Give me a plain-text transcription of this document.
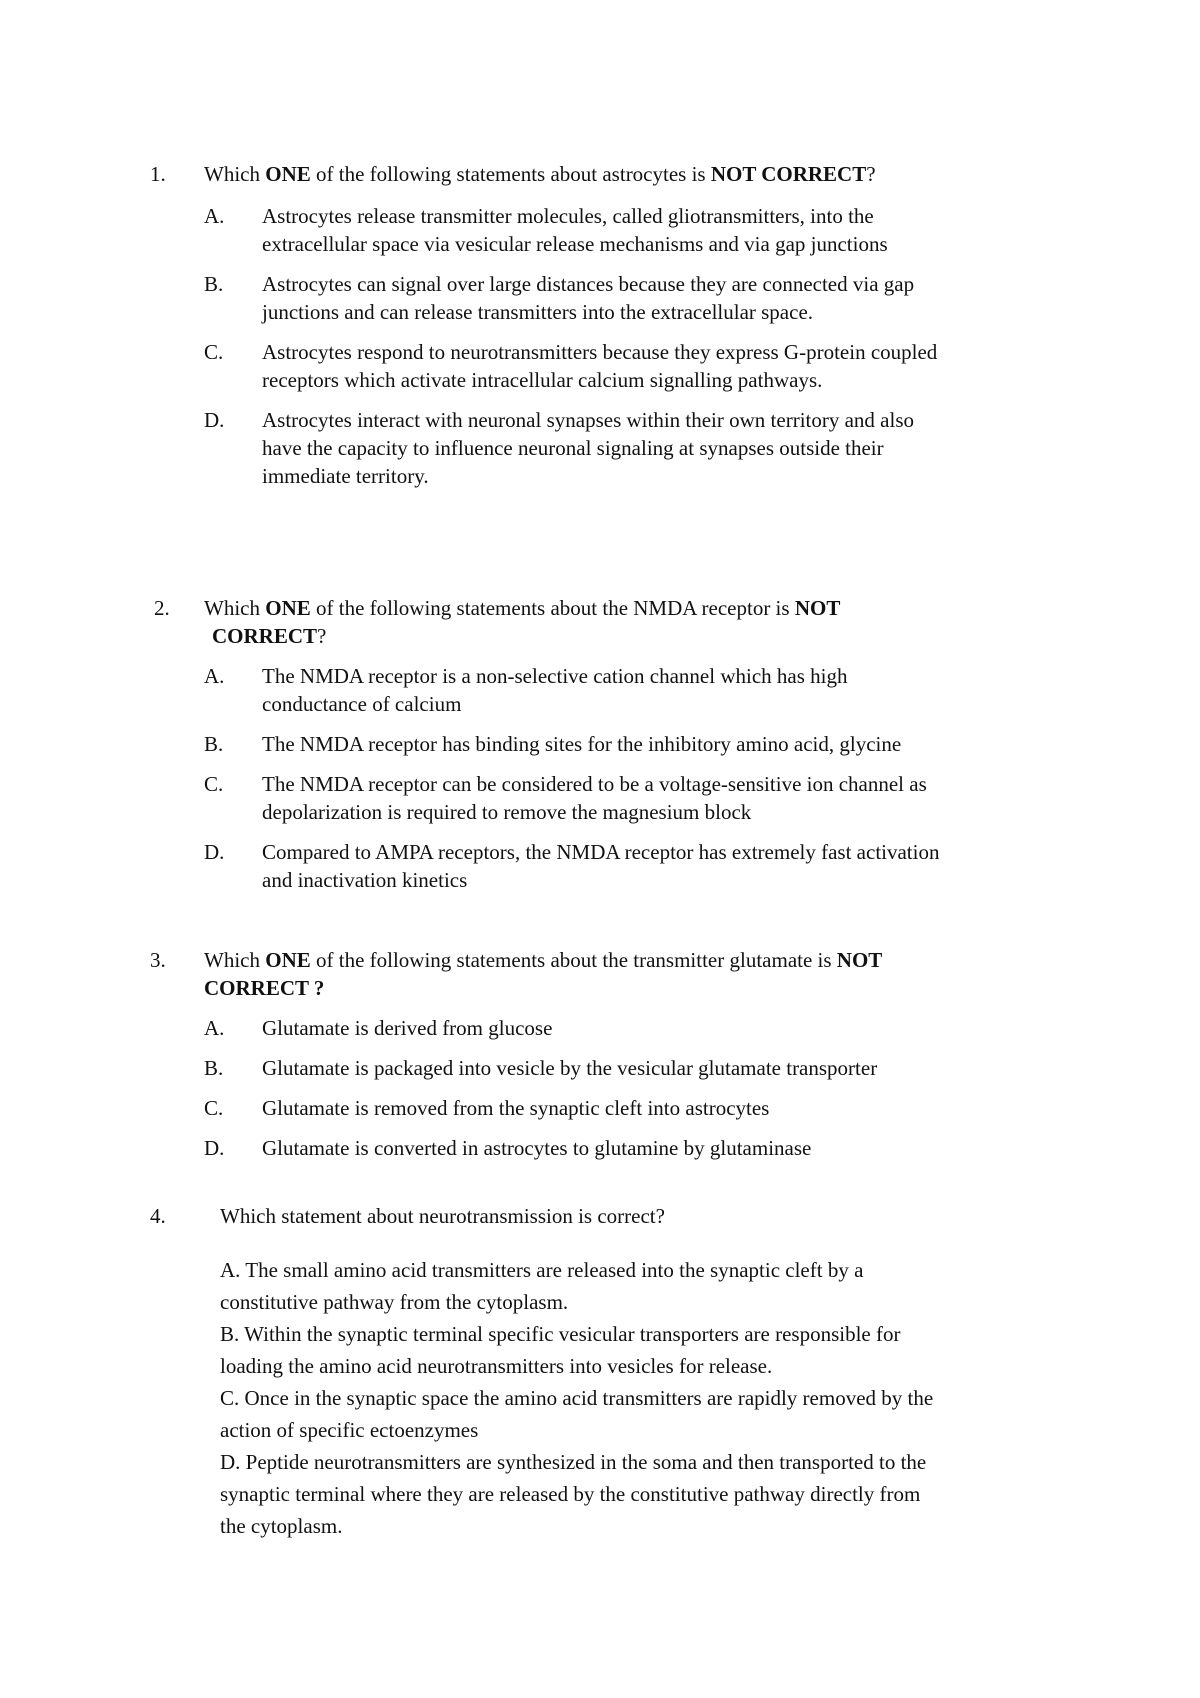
1. Which ONE of the following statements about astrocytes is NOT CORRECT?
A. Astrocytes release transmitter molecules, called gliotransmitters, into the
extracellular space via vesicular release mechanisms and via gap junctions
B. Astrocytes can signal over large distances because they are connected via gap
junctions and can release transmitters into the extracellular space.
C. Astrocytes respond to neurotransmitters because they express G-protein coupled
receptors which activate intracellular calcium signalling pathways.
D. Astrocytes interact with neuronal synapses within their own territory and also
have the capacity to influence neuronal signaling at synapses outside their
immediate territory.
2. Which ONE of the following statements about the NMDA receptor is NOT
CORRECT?
A. The NMDA receptor is a non-selective cation channel which has high
conductance of calcium
B. The NMDA receptor has binding sites for the inhibitory amino acid, glycine
C. The NMDA receptor can be considered to be a voltage-sensitive ion channel as
depolarization is required to remove the magnesium block
D. Compared to AMPA receptors, the NMDA receptor has extremely fast activation
and inactivation kinetics
3. Which ONE of the following statements about the transmitter glutamate is NOT
CORRECT ?
A. Glutamate is derived from glucose
B. Glutamate is packaged into vesicle by the vesicular glutamate transporter
C. Glutamate is removed from the synaptic cleft into astrocytes
D. Glutamate is converted in astrocytes to glutamine by glutaminase
4.	Which statement about neurotransmission is correct?
A. The small amino acid transmitters are released into the synaptic cleft by a
constitutive pathway from the cytoplasm.
B. Within the synaptic terminal specific vesicular transporters are responsible for
loading the amino acid neurotransmitters into vesicles for release.
C. Once in the synaptic space the amino acid transmitters are rapidly removed by the
action of specific ectoenzymes
D. Peptide neurotransmitters are synthesized in the soma and then transported to the
synaptic terminal where they are released by the constitutive pathway directly from
the cytoplasm.
